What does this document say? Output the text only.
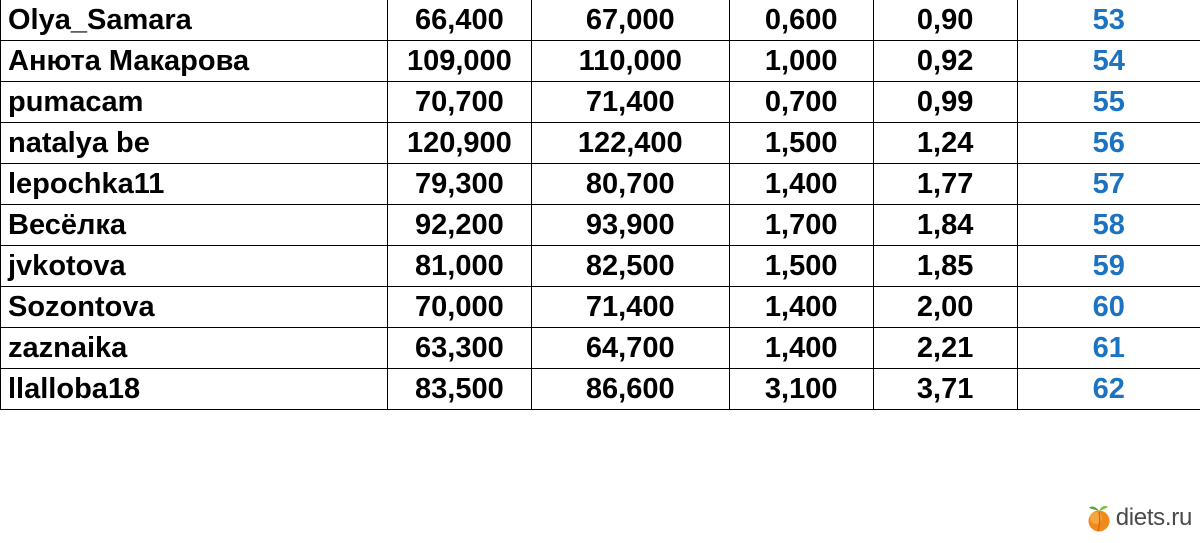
Olya_Samara	66,400	67,000	0,600	0,90	53
Анюта Макарова	109,000	110,000	1,000	0,92	54
pumacam	70,700	71,400	0,700	0,99	55
natalya be	120,900	122,400	1,500	1,24	56
lepochka11	79,300	80,700	1,400	1,77	57
Весёлка	92,200	93,900	1,700	1,84	58
jvkotova	81,000	82,500	1,500	1,85	59
Sozontova	70,000	71,400	1,400	2,00	60
zaznaika	63,300	64,700	1,400	2,21	61
llalloba18	83,500	86,600	3,100	3,71	62
diets.ru
